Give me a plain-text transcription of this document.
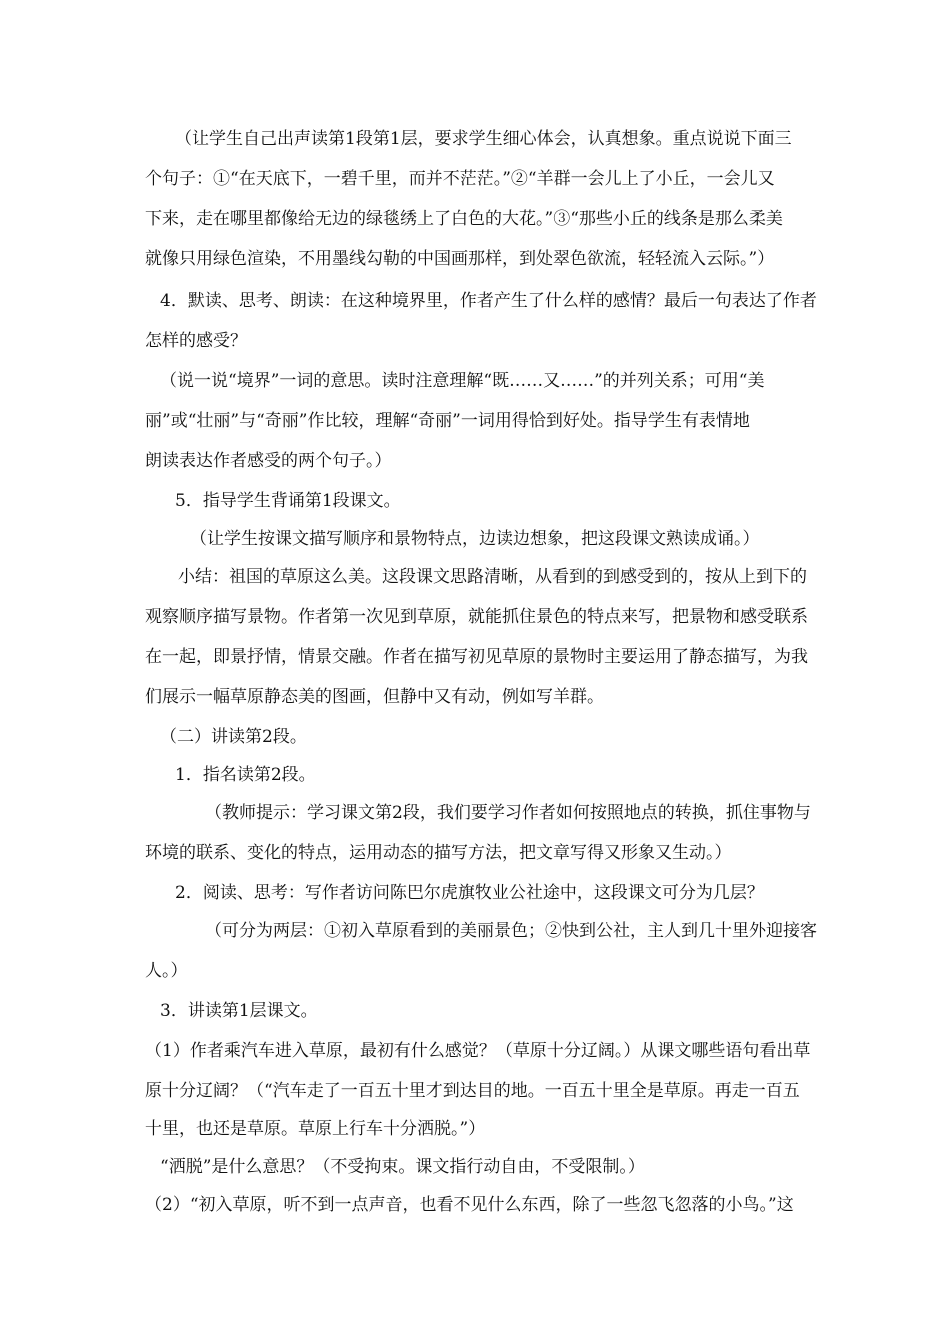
（让学生自己出声读第1段第1层，要求学生细心体会，认真想象。重点说说下面三
个句子：①“在天底下，一碧千里，而并不茫茫。”②“羊群一会儿上了小丘，一会儿又
下来，走在哪里都像给无边的绿毯绣上了白色的大花。”③“那些小丘的线条是那么柔美
就像只用绿色渲染，不用墨线勾勒的中国画那样，到处翠色欲流，轻轻流入云际。”）
4．默读、思考、朗读：在这种境界里，作者产生了什么样的感情？最后一句表达了作者
怎样的感受？
（说一说“境界”一词的意思。读时注意理解“既……又……”的并列关系；可用“美
丽”或“壮丽”与“奇丽”作比较，理解“奇丽”一词用得恰到好处。指导学生有表情地
朗读表达作者感受的两个句子。）
5．指导学生背诵第1段课文。
（让学生按课文描写顺序和景物特点，边读边想象，把这段课文熟读成诵。）
小结：祖国的草原这么美。这段课文思路清晰，从看到的到感受到的，按从上到下的
观察顺序描写景物。作者第一次见到草原，就能抓住景色的特点来写，把景物和感受联系
在一起，即景抒情，情景交融。作者在描写初见草原的景物时主要运用了静态描写，为我
们展示一幅草原静态美的图画，但静中又有动，例如写羊群。
（二）讲读第2段。
1．指名读第2段。
（教师提示：学习课文第2段，我们要学习作者如何按照地点的转换，抓住事物与
环境的联系、变化的特点，运用动态的描写方法，把文章写得又形象又生动。）
2．阅读、思考：写作者访问陈巴尔虎旗牧业公社途中，这段课文可分为几层？
（可分为两层：①初入草原看到的美丽景色；②快到公社，主人到几十里外迎接客
人。）
3．讲读第1层课文。
（1）作者乘汽车进入草原，最初有什么感觉？（草原十分辽阔。）从课文哪些语句看出草
原十分辽阔？（“汽车走了一百五十里才到达目的地。一百五十里全是草原。再走一百五
十里，也还是草原。草原上行车十分洒脱。”）
“洒脱”是什么意思？（不受拘束。课文指行动自由，不受限制。）
（2）“初入草原，听不到一点声音，也看不见什么东西，除了一些忽飞忽落的小鸟。”这
